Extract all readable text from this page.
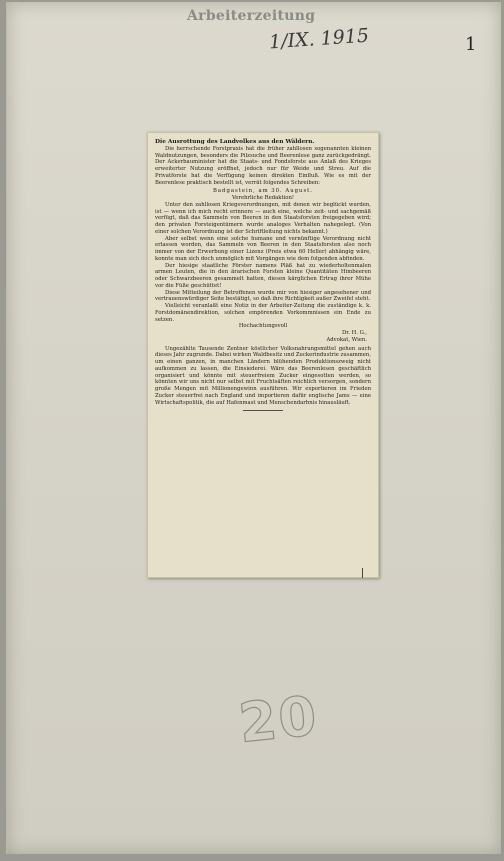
Arbeiterzeitung
1/IX. 1915	1

Die Ausrottung des Landvolkes aus den Wäldern.

Die herrschende Forstpraxis hat die früher zahllosen sogenannten kleinen Waldnutzungen, besonders die Pilzsuche und Beerenlese ganz zurückgedrängt. Der Ackerbauminister hat die Staats- und Fondsforste aus Anlaß des Krieges erweiterter Nutzung eröffnet, jedoch nur für Weide und Streu. Auf die Privatforste hat die Verfügung keinen direkten Einfluß. Wie es mit der Beerenlese praktisch bestellt ist, verrät folgendes Schreiben:

Badgastein, am 30. August.

Verehrliche Redaktion!

Unter den zahllosen Kriegsverordnungen, mit denen wir beglückt wurden, ist — wenn ich mich recht erinnere — auch eine, welche zeit- und sachgemäß verfügt, daß das Sammeln von Beeren in den Staatsforsten freigegeben wird; den privaten Forsteigentümern wurde analoges Verhalten nahegelegt. (Von einer solchen Verordnung ist der Schriftleitung nichts bekannt.)

Aber selbst wenn eine solche humane und vernünftige Verordnung nicht erlassen worden, das Sammeln von Beeren in den Staatsforsten also noch immer von der Erwerbung einer Lizenz (Preis etwa 60 Heller) abhängig wäre, konnte man sich doch unmöglich mit Vorgängen wie dem folgenden abfinden.

Der hiesige staatliche Förster namens Pläß hat zu wiederholtenmalen armen Leuten, die in den ärarischen Forsten kleine Quantitäten Himbeeren oder Schwarzbeeren gesammelt hatten, diesen kärglichen Ertrag ihrer Mühe vor die Füße geschüttet!

Diese Mitteilung der Betroffenen wurde mir von hiesiger angesehener und vertrauenswürdiger Seite bestätigt, so daß ihre Richtigkeit außer Zweifel steht.

Vielleicht veranlaßt eine Notiz in der Arbeiter-Zeitung die zuständige k. k. Forstdomänendirektion, solchen empörenden Vorkommnissen ein Ende zu setzen.

Hochachtungsvoll

Dr. H. G.,

Advokat, Wien.

Ungezählte Tausende Zentner köstlicher Volksnahrungsmittel gehen auch dieses Jahr zugrunde. Dabei wirken Waldbesitz und Zuckerindustrie zusammen, um einen ganzen, in manchen Ländern blühenden Produktionszweig nicht aufkommen zu lassen, die Einsiederei. Wäre das Beerenlesen geschäftlich organisiert und könnte mit steuerfreiem Zucker eingesotten werden, so könnten wir uns nicht nur selbst mit Fruchtsäften reichlich versorgen, sondern große Mengen mit Millionengewinn ausführen. Wir exportieren im Frieden Zucker steuerfrei nach England und importieren dafür englische Jams — eine Wirtschaftspolitik, die auf Hafenmast und Menschendarbnis hinausläuft.

20
